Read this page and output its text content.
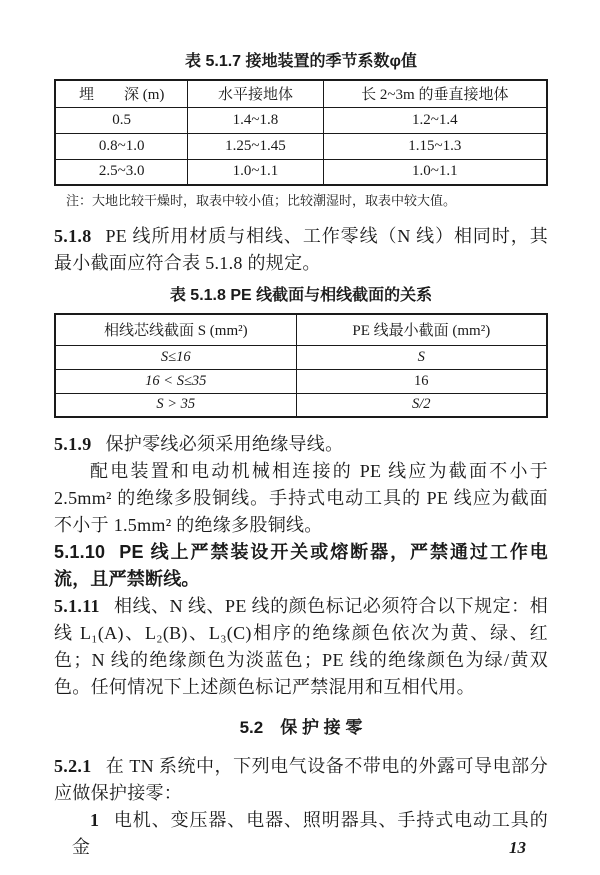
表 5.1.7 接地装置的季节系数φ值
埋　　深 (m)	水平接地体	长 2~3m 的垂直接地体
0.5	1.4~1.8	1.2~1.4
0.8~1.0	1.25~1.45	1.15~1.3
2.5~3.0	1.0~1.1	1.0~1.1
注：大地比较干燥时，取表中较小值；比较潮湿时，取表中较大值。

5.1.8 PE 线所用材质与相线、工作零线（N 线）相同时，其最小截面应符合表 5.1.8 的规定。

表 5.1.8 PE 线截面与相线截面的关系
相线芯线截面 S (mm²)	PE 线最小截面 (mm²)
S≤16	S
16 < S≤35	16
S > 35	S/2

5.1.9 保护零线必须采用绝缘导线。

配电装置和电动机械相连接的 PE 线应为截面不小于 2.5mm² 的绝缘多股铜线。手持式电动工具的 PE 线应为截面不小于 1.5mm² 的绝缘多股铜线。

5.1.10 PE 线上严禁装设开关或熔断器，严禁通过工作电流，且严禁断线。

5.1.11 相线、N 线、PE 线的颜色标记必须符合以下规定：相线 L₁(A)、L₂(B)、L₃(C)相序的绝缘颜色依次为黄、绿、红色；N 线的绝缘颜色为淡蓝色；PE 线的绝缘颜色为绿/黄双色。任何情况下上述颜色标记严禁混用和互相代用。

5.2　保 护 接 零

5.2.1 在 TN 系统中，下列电气设备不带电的外露可导电部分应做保护接零：

1 电机、变压器、电器、照明器具、手持式电动工具的金	13
